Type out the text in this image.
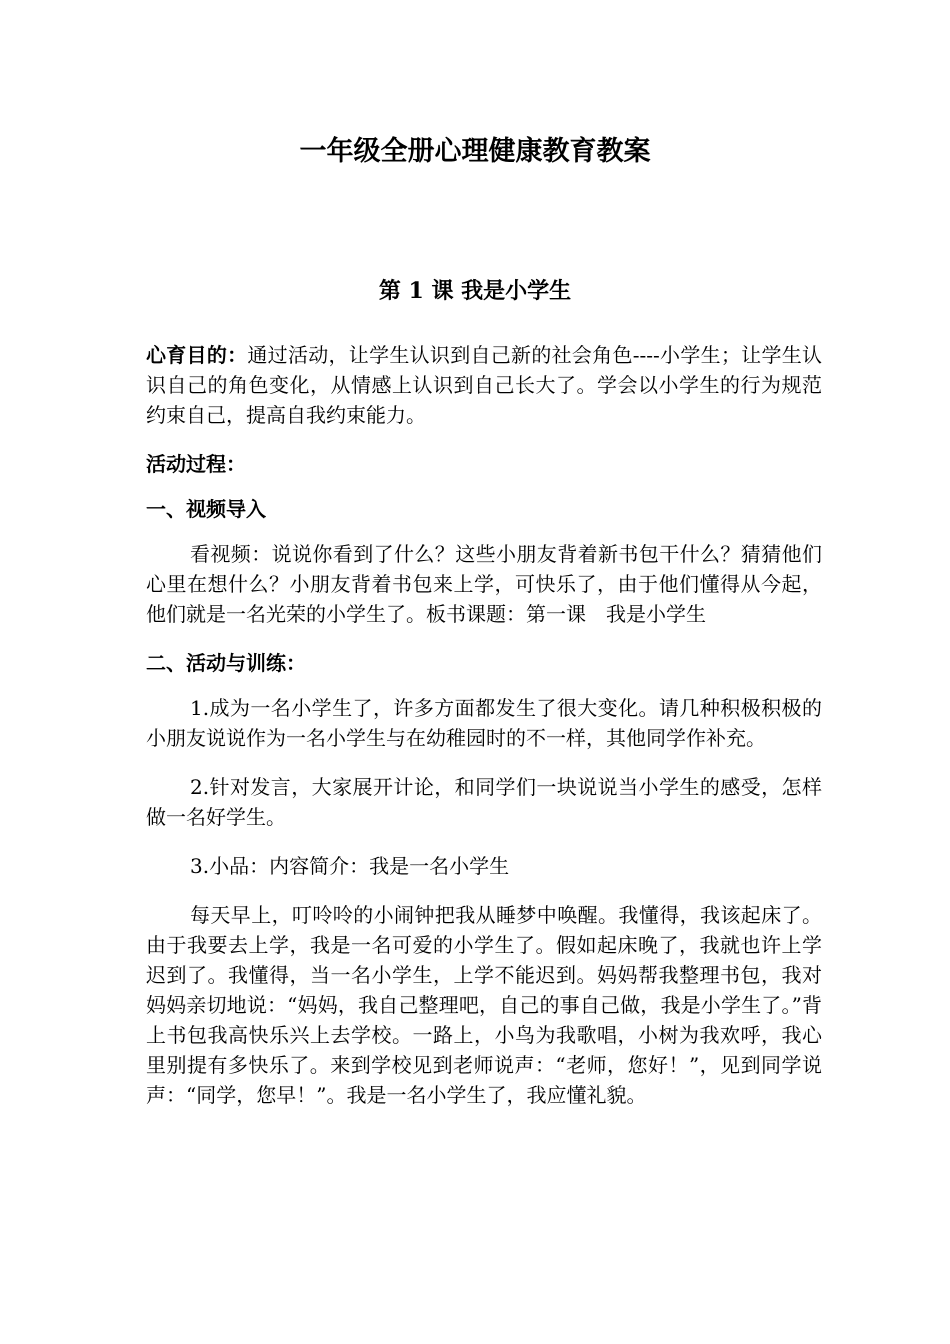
一年级全册心理健康教育教案
第 1 课 我是小学生

心育目的：通过活动，让学生认识到自己新的社会角色----小学生；让学生认识自己的角色变化，从情感上认识到自己长大了。学会以小学生的行为规范约束自己，提高自我约束能力。

活动过程：

一、视频导入

看视频：说说你看到了什么？这些小朋友背着新书包干什么？猜猜他们心里在想什么？小朋友背着书包来上学，可快乐了，由于他们懂得从今起，他们就是一名光荣的小学生了。板书课题：第一课　我是小学生

二、活动与训练：

1.成为一名小学生了，许多方面都发生了很大变化。请几种积极积极的小朋友说说作为一名小学生与在幼稚园时的不一样，其他同学作补充。

2.针对发言，大家展开计论，和同学们一块说说当小学生的感受，怎样做一名好学生。

3.小品：内容简介：我是一名小学生

每天早上，叮呤呤的小闹钟把我从睡梦中唤醒。我懂得，我该起床了。由于我要去上学，我是一名可爱的小学生了。假如起床晚了，我就也许上学迟到了。我懂得，当一名小学生，上学不能迟到。妈妈帮我整理书包，我对妈妈亲切地说：“妈妈，我自己整理吧，自己的事自己做，我是小学生了。”背上书包我高快乐兴上去学校。一路上，小鸟为我歌唱，小树为我欢呼，我心里别提有多快乐了。来到学校见到老师说声：“老师，您好！”，见到同学说声：“同学，您早！”。我是一名小学生了，我应懂礼貌。
